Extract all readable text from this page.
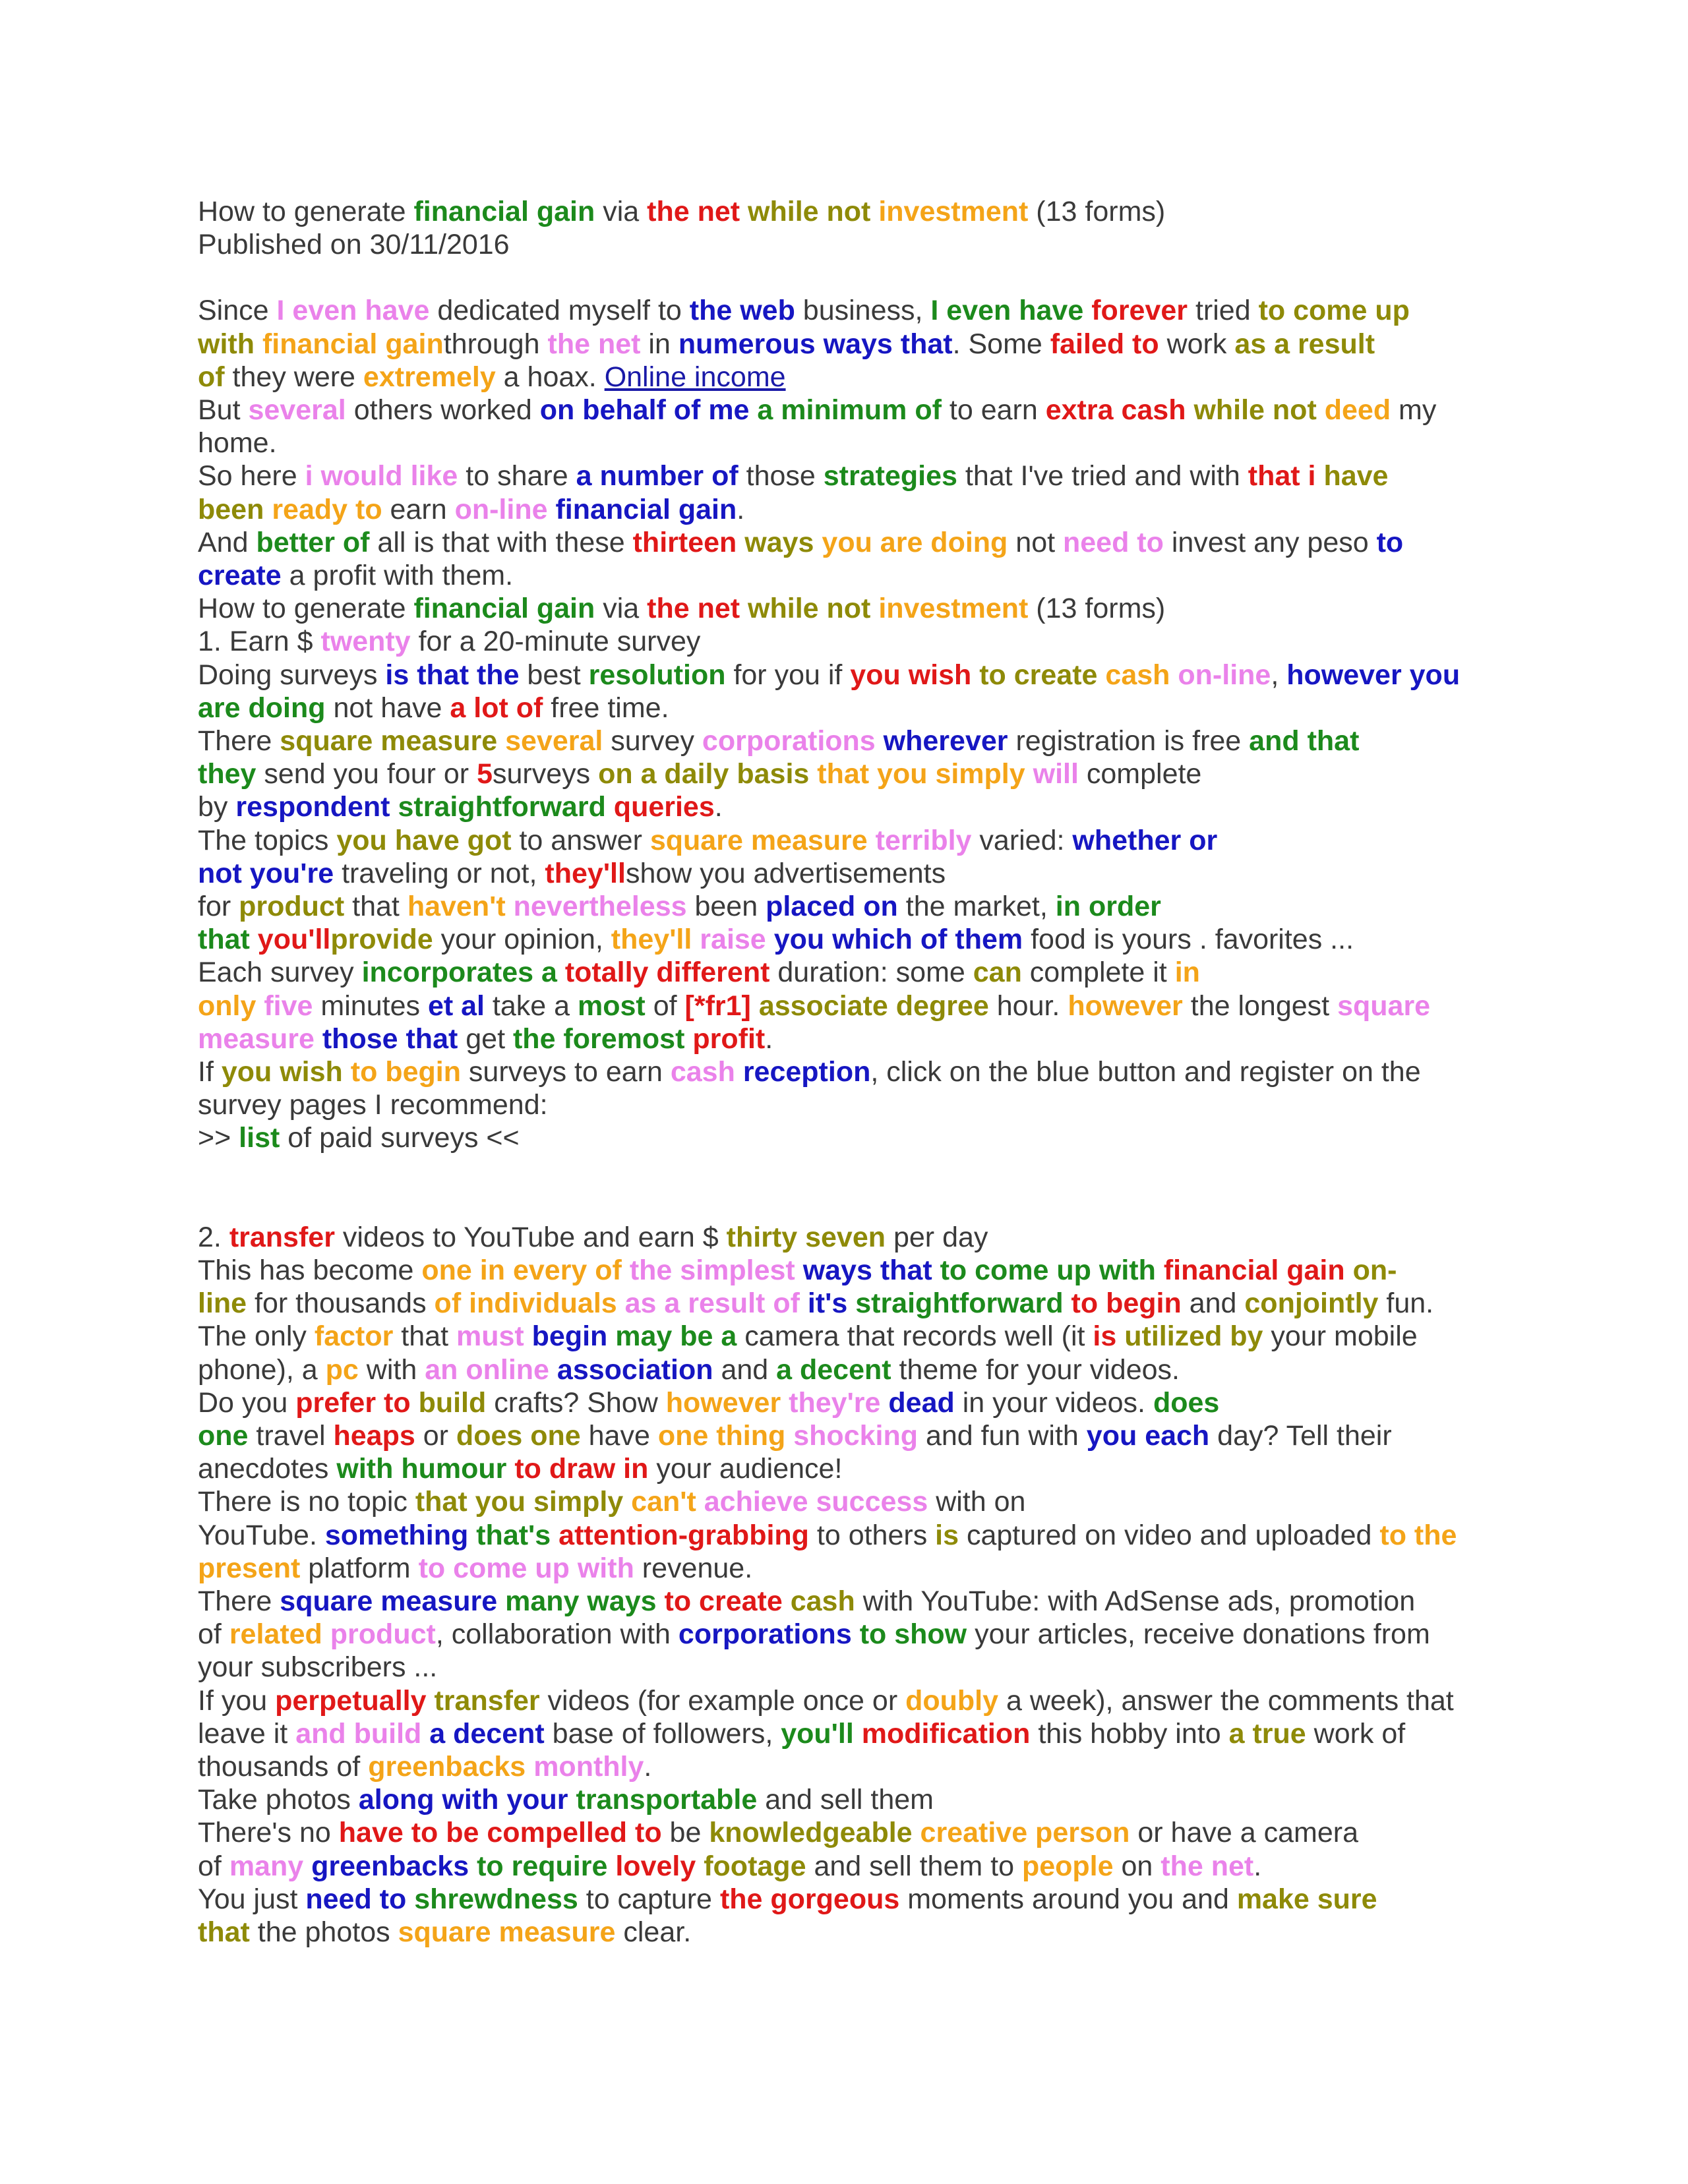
How to generate financial gain via the net while not investment (13 forms)
Published on 30/11/2016
Since I even have dedicated myself to the web business, I even have forever tried to come up
with financial gainthrough the net in numerous ways that. Some failed to work as a result
of they were extremely a hoax. Online income
But several others worked on behalf of me a minimum of to earn extra cash while not deed my
home.
So here i would like to share a number of those strategies that I've tried and with that i have
been ready to earn on-line financial gain.
And better of all is that with these thirteen ways you are doing not need to invest any peso to
create a profit with them.
How to generate financial gain via the net while not investment (13 forms)
1. Earn $ twenty for a 20-minute survey
Doing surveys is that the best resolution for you if you wish to create cash on-line, however you
are doing not have a lot of free time.
There square measure several survey corporations wherever registration is free and that
they send you four or 5surveys on a daily basis that you simply will complete
by respondent straightforward queries.
The topics you have got to answer square measure terribly varied: whether or
not you're traveling or not, they'llshow you advertisements
for product that haven't nevertheless been placed on the market, in order
that you'llprovide your opinion, they'll raise you which of them food is yours . favorites ...
Each survey incorporates a totally different duration: some can complete it in
only five minutes et al take a most of [*fr1] associate degree hour. however the longest square
measure those that get the foremost profit.
If you wish to begin surveys to earn cash reception, click on the blue button and register on the
survey pages I recommend:
>> list of paid surveys <<
2. transfer videos to YouTube and earn $ thirty seven per day
This has become one in every of the simplest ways that to come up with financial gain on-
line for thousands of individuals as a result of it's straightforward to begin and conjointly fun.
The only factor that must begin may be a camera that records well (it is utilized by your mobile
phone), a pc with an online association and a decent theme for your videos.
Do you prefer to build crafts? Show however they're dead in your videos. does
one travel heaps or does one have one thing shocking and fun with you each day? Tell their
anecdotes with humour to draw in your audience!
There is no topic that you simply can't achieve success with on
YouTube. something that's attention-grabbing to others is captured on video and uploaded to the
present platform to come up with revenue.
There square measure many ways to create cash with YouTube: with AdSense ads, promotion
of related product, collaboration with corporations to show your articles, receive donations from
your subscribers ...
If you perpetually transfer videos (for example once or doubly a week), answer the comments that
leave it and build a decent base of followers, you'll modification this hobby into a true work of
thousands of greenbacks monthly.
Take photos along with your transportable and sell them
There's no have to be compelled to be knowledgeable creative person or have a camera
of many greenbacks to require lovely footage and sell them to people on the net.
You just need to shrewdness to capture the gorgeous moments around you and make sure
that the photos square measure clear.
